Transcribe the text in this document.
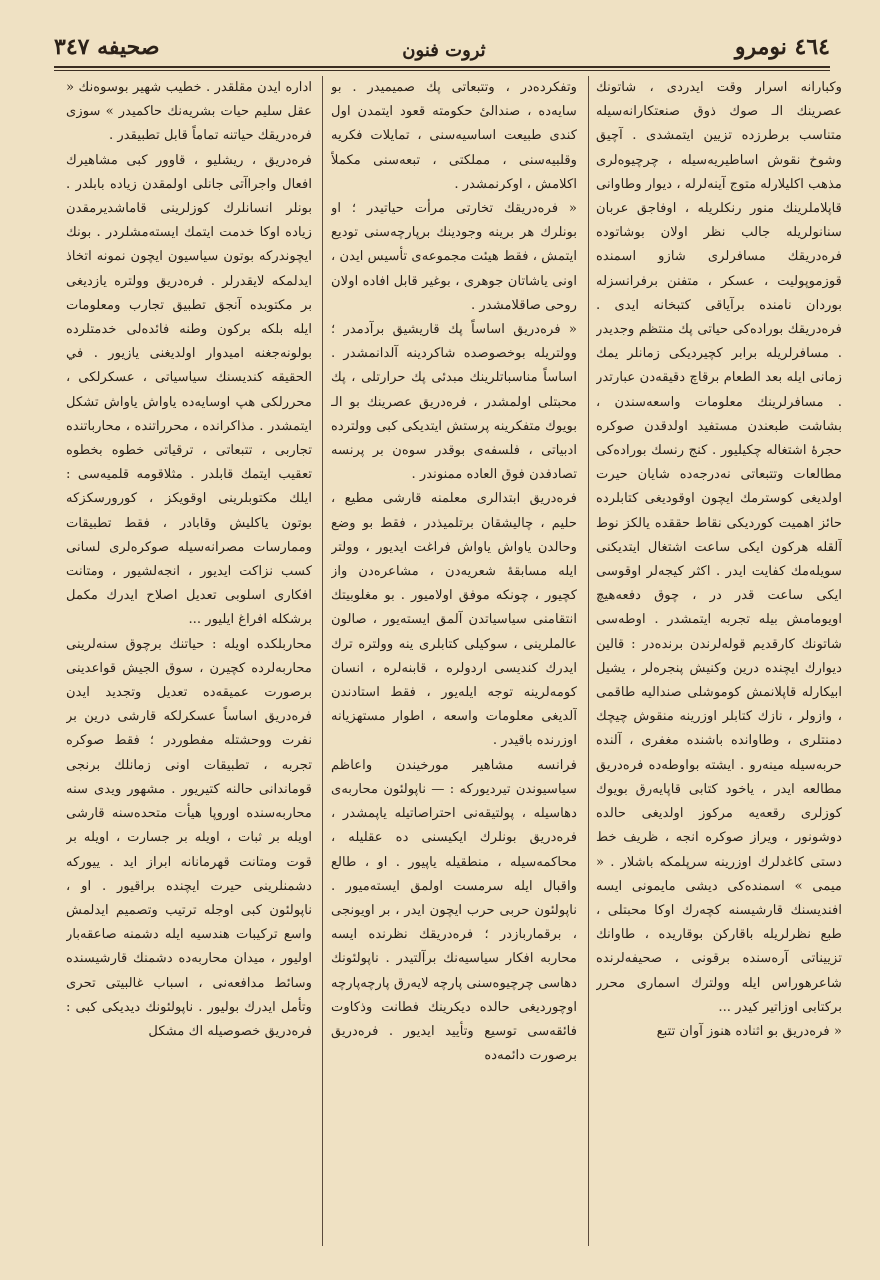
٤٦٤ نومرو
ثروت فنون
صحیفه ٣٤٧

وكبارانه اسرار وقت ایدردی ، شاتونك عصرینك الـ صوك ذوق صنعتكارانه‌سیله متناسب برطرزده تزیین ایتمشدی . آچیق وشوخ نقوش اساطیریه‌سیله ، چرچیوه‌لری مذهب اكلیلارله متوج آینه‌لرله ، دیوار وطاوانی قاپلاملرینك منور رنكلریله ، اوفاجق عربان سنانولریله جالب نظر اولان بوشاتوده فره‌دریقك مسافرلری شازو اسمنده قوزموپولیت ، عسكر ، متفنن برفرانسزله بوردان نامنده برآیاقی كتبخانه ایدی . فره‌دریقك بوراده‌كی حیاتی پك منتظم وجدیدر . مسافرلریله برابر كچیردیكی زمانلر یمك زمانی ایله بعد الطعام برقاچ دقیقه‌دن عبارتدر . مسافرلرینك معلومات واسعه‌سندن ، بشاشت طبعندن مستفید اولدقدن صوكره حجرهٔ اشتغاله چكیلیور . كنج رنسك بوراده‌كی مطالعات وتتبعاتی نه‌درجه‌ده شایان حیرت اولدیغی كوسترمك ایچون اوقودیغی كتابلرده حائز اهمیت كوردیكی نقاط حققده یالكز نوط آلقله هركون ایكی ساعت اشتغال ایتدیكنی سویله‌مك كفایت ایدر . اكثر كیجه‌لر اوقوسی ایكی ساعت قدر در ، چوق دفعه‌هیچ اویومامش بیله تجربه ایتمشدر . اوطه‌سی شاتونك كارقدیم قوله‌لرندن برنده‌در : قالین دیوارك ایچنده درین وكنیش پنجره‌لر ، یشیل ابیكارله قاپلانمش كوموشلی صندالیه طاقمی ، وازولر ، نازك كتابلر اوزرینه منقوش چیچك دمنتلری ، وطاوانده باشنده مغفری ، آلنده حربه‌سیله مینه‌رو . ایشته بواوطه‌ده فره‌دریق مطالعه ایدر ، یاخود كتابی قاپایه‌رق بویوك كوزلری رقعه‌یه مركوز اولدیغی حالده دوشونور ، ویراز صوكره انجه ، ظریف خط دستی كاغدلرك اوزرینه سرپلمكه باشلار . « میمی » اسمنده‌كی دیشی مایمونی ایسه افندیسنك قارشیسنه كچه‌رك اوكا محبتلی ، طبع نظرلریله باقاركن بوقاریده ، طاوانك تزییناتی آره‌سنده برقونی ، صحیفه‌لرنده شاعرهوراس ایله وولترك اسماری محرر بركتابی اوزاتیر كیدر ...

« فره‌دریق بو اثناده هنوز آوان تتبع

وتفكرده‌در ، وتتبعاتی پك صمیمیدر . بو سایه‌ده ، صندالیٔ حكومته قعود ایتمدن اول كندی طبیعت اساسیه‌سنی ، تمایلات فكریه وقلبیه‌سنی ، مملكتی ، تبعه‌سنی مكملاً اكلامش ، اوكرنمشدر .

« فره‌دریقك تخارتی مرأت حیاتیدر ؛ او بونلرك هر برینه وجودینك برپارچه‌سنی تودیع ایتمش ، فقط هیئت مجموعه‌ی تأسیس ایدن ، اونی یاشاتان جوهری ، بوغیر قابل افاده اولان روحی صاقلامشدر .

« فره‌دریق اساساً پك قاریشیق برآدمدر ؛ وولتریله بوخصوصده شاكردینه آلدانمشدر . اساساً مناسباتلرینك مبدئی پك حرارتلی ، پك محبتلی اولمشدر ، فره‌دریق عصرینك بو الـ بویوك متفكرینه پرستش ایتدیكی كبی وولترده ادبیاتی ، فلسفه‌ی بوقدر سوه‌ن بر پرنسه تصادفدن فوق العاده ممنوندر .

فره‌دریق ابتدالری معلمنه قارشی مطیع ، حلیم ، چالیشقان برتلمیذدر ، فقط بو وضع وحالدن یاواش یاواش فراغت ایدیور ، وولتر ایله مسابقهٔ شعریه‌دن ، مشاعره‌دن واز كچیور ، چونكه موفق اولامیور . بو مغلوبیتك انتقامنی سیاسیاتدن آلمق ایسته‌یور ، صالون عالملرینی ، سوكیلی كتابلری ینه وولتره ترك ایدرك كندیسی اردولره ، قابنه‌لره ، انسان كومه‌لرینه توجه ایله‌یور ، فقط استادندن آلدیغی معلومات واسعه ، اطوار مستهزیانه اوزرنده باقیدر .

فرانسه مشاهیر مورخیندن واعاظم سیاسیوندن تیردیوركه : — ناپولئون محاربه‌ی دهاسیله ، پولتیقه‌نی احتراصاتیله یاپمشدر ، فره‌دریق بونلرك ایكیسنی ده عقلیله ، محاكمه‌سیله ، منطقیله یاپیور . او ، طالع واقبال ایله سرمست اولمق ایسته‌میور . ناپولئون حربی حرب ایچون ایدر ، بر اویونجی ، برقماربازدر ؛ فره‌دریقك نظرنده ایسه محاربه افكار سیاسیه‌نك برآلتیدر . ناپولئونك دهاسی چرچیوه‌سنی پارچه لایه‌رق پارچه‌پارچه اوچوردیغی حالده دیكرینك فطانت وذكاوت فائقه‌سی توسیع وتأیید ایدیور . فره‌دریق برصورت دائمه‌ده

اداره ایدن مقلقدر . خطیب شهیر بوسوه‌نك « عقل سلیم حیات بشریه‌نك حاكمیدر » سوزی فره‌دریقك حیاتنه تماماً قابل تطبیقدر .

فره‌دریق ، ریشلیو ، قاوور كبی مشاهیرك افعال واجراآتی جانلی اولمقدن زیاده بابلدر . بونلر انسانلرك كوزلرینی قاماشدیرمقدن زیاده اوكا خدمت ایتمك ایسته‌مشلردر . بونك ایچوندركه بوتون سیاسیون ایچون نمونه اتخاذ ایدلمكه لایقدرلر . فره‌دریق وولتره یازدیغی بر مكتوبده آنجق تطبیق تجارب ومعلومات ایله بلكه بركون وطنه فائده‌لی خدمتلرده بولونه‌جغنه امیدوار اولدیغنی یازیور . في الحقیقه كندیسنك سیاسیاتی ، عسكرلكی ، محررلكی هپ اوسایه‌ده یاواش یاواش تشكل ایتمشدر . مذاكرانده ، محرراتنده ، محارباتنده تجاربی ، تتبعاتی ، ترقیاتی خطوه بخطوه تعقیب ایتمك قابلدر . مثلاقومه قلمیه‌سی : ایلك مكتوبلرینی اوقویكز ، كورورسكزكه بوتون یاكلیش وقابادر ، فقط تطبیقات وممارسات مصرانه‌سیله صوكره‌لری لسانی كسب نزاكت ایدیور ، انجه‌لشیور ، ومتانت افكاری اسلوبی تعدیل اصلاح ایدرك مكمل برشكله افراغ ایلیور ...

محاربلكده اویله : حیاتنك برچوق سنه‌لرینی محاربه‌لرده كچیرن ، سوق الجیش قواعدینی برصورت عمیقه‌ده تعدیل وتجدید ایدن فره‌دریق اساساً عسكرلكه قارشی درین بر نفرت ووحشتله مفطوردر ؛ فقط صوكره تجربه ، تطبیقات اونی زمانلك برنجی قوماندانی حالنه كتیریور . مشهور ویدی سنه محاربه‌سنده اوروپا هیأت متحده‌سنه قارشی اویله بر ثبات ، اویله بر جسارت ، اویله بر قوت ومتانت قهرمانانه ابراز اید . ییوركه دشمنلرینی حیرت ایچنده براقیور . او ، ناپولئون كبی اوجله ترتیب وتصمیم ایدلمش واسع تركیبات هندسیه ایله دشمنه صاعقه‌بار اولیور ، میدان محاربه‌ده دشمنك قارشیسنده وسائط مدافعه‌نی ، اسباب غالبیتی تحری وتأمل ایدرك بولیور . ناپولئونك دیدیكی كبی : فره‌دریق خصوصیله اك مشكل
